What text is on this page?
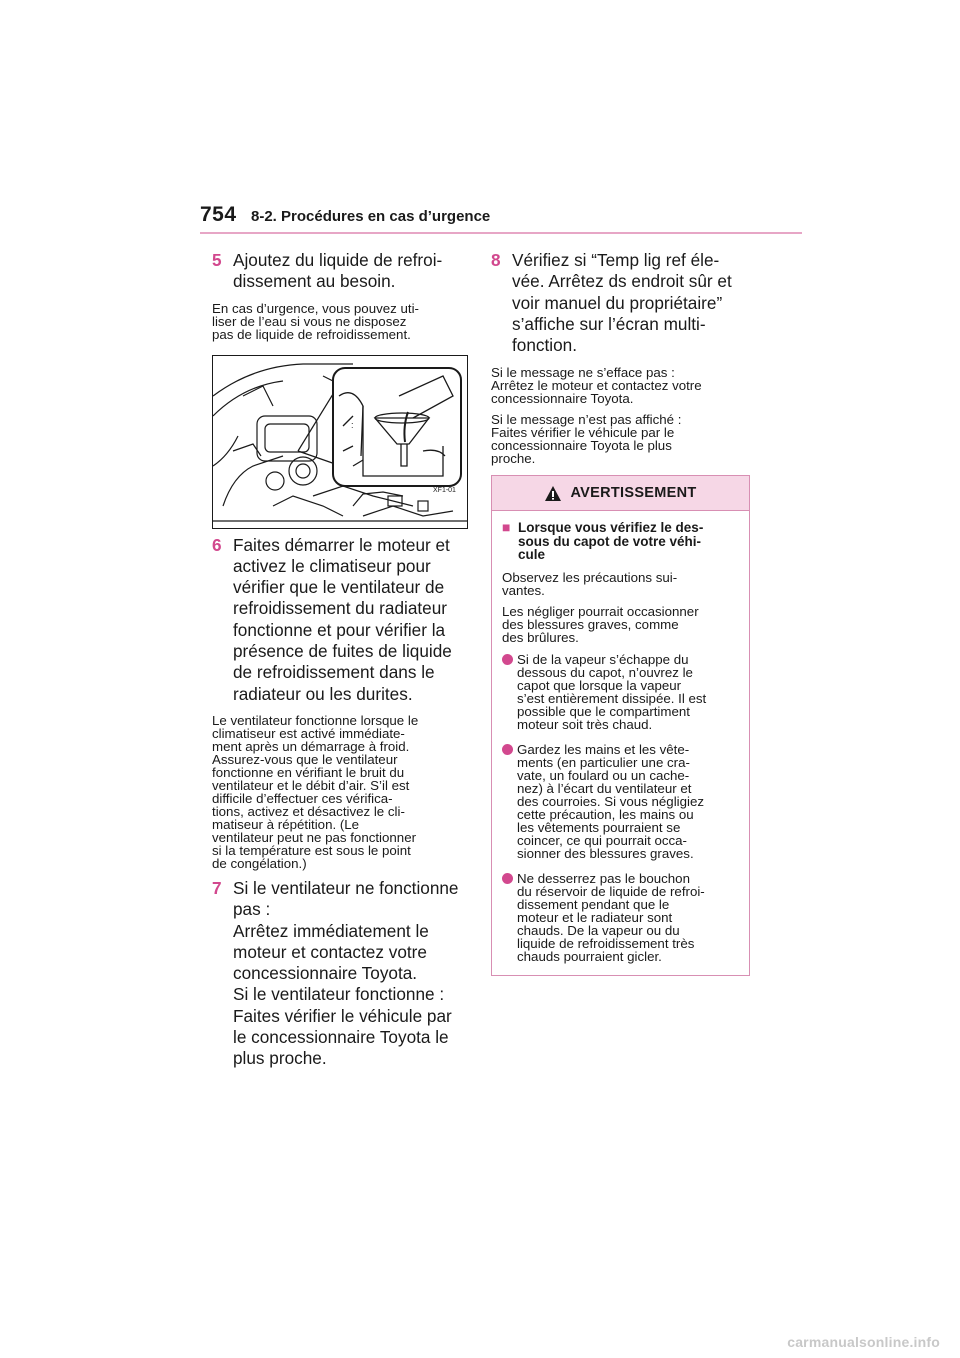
754 8-2. Procédures en cas d’urgence
5 Ajoutez du liquide de refroi-
dissement au besoin.

En cas d’urgence, vous pouvez uti-

liser de l’eau si vous ne disposez

pas de liquide de refroidissement.

:
XF1-01
6 Faites démarrer le moteur et
activez le climatiseur pour
vérifier que le ventilateur de
refroidissement du radiateur
fonctionne et pour vérifier la
présence de fuites de liquide
de refroidissement dans le
radiateur ou les durites.

Le ventilateur fonctionne lorsque le

climatiseur est activé immédiate-

ment après un démarrage à froid.

Assurez-vous que le ventilateur

fonctionne en vérifiant le bruit du

ventilateur et le débit d’air. S’il est

difficile d’effectuer ces vérifica-

tions, activez et désactivez le cli-

matiseur à répétition. (Le

ventilateur peut ne pas fonctionner

si la température est sous le point

de congélation.)

7 Si le ventilateur ne fonctionne
pas :
Arrêtez immédiatement le
moteur et contactez votre
concessionnaire Toyota.
Si le ventilateur fonctionne :
Faites vérifier le véhicule par
le concessionnaire Toyota le
plus proche.
8 Vérifiez si “Temp lig ref éle-
vée. Arrêtez ds endroit sûr et
voir manuel du propriétaire”
s’affiche sur l’écran multi-
fonction.

Si le message ne s’efface pas :

Arrêtez le moteur et contactez votre

concessionnaire Toyota.

Si le message n’est pas affiché :

Faites vérifier le véhicule par le

concessionnaire Toyota le plus

proche.

AVERTISSEMENT
■ Lorsque vous vérifiez le des-

sous du capot de votre véhi-

cule

Observez les précautions sui-

vantes.

Les négliger pourrait occasionner

des blessures graves, comme

des brûlures.

Si de la vapeur s’échappe du

dessous du capot, n’ouvrez le

capot que lorsque la vapeur

s’est entièrement dissipée. Il est

possible que le compartiment

moteur soit très chaud.

Gardez les mains et les vête-

ments (en particulier une cra-

vate, un foulard ou un cache-

nez) à l’écart du ventilateur et

des courroies. Si vous négligiez

cette précaution, les mains ou

les vêtements pourraient se

coincer, ce qui pourrait occa-

sionner des blessures graves.

Ne desserrez pas le bouchon

du réservoir de liquide de refroi-

dissement pendant que le

moteur et le radiateur sont

chauds. De la vapeur ou du

liquide de refroidissement très

chauds pourraient gicler.

carmanualsonline.info
